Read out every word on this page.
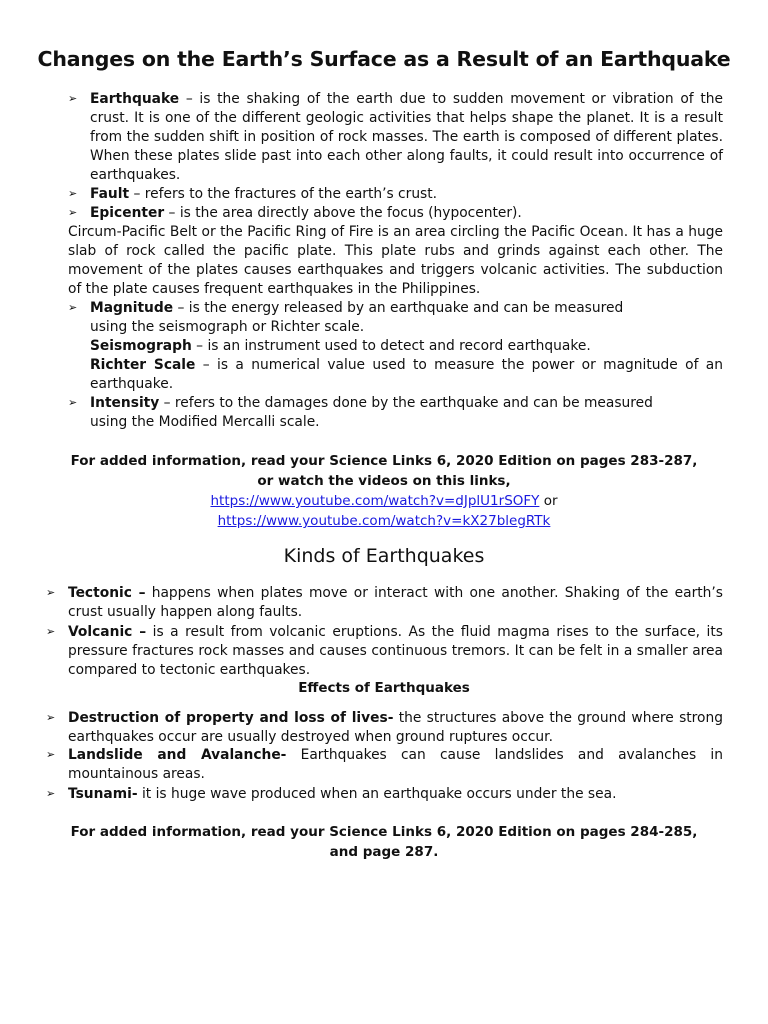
Changes on the Earth’s Surface as a Result of an Earthquake
➢ Earthquake – is the shaking of the earth due to sudden movement or vibration of the crust. It is one of the different geologic activities that helps shape the planet. It is a result from the sudden shift in position of rock masses. The earth is composed of different plates. When these plates slide past into each other along faults, it could result into occurrence of earthquakes.
➢ Fault – refers to the fractures of the earth’s crust.
➢ Epicenter – is the area directly above the focus (hypocenter).
Circum-Pacific Belt or the Pacific Ring of Fire is an area circling the Pacific Ocean. It has a huge slab of rock called the pacific plate. This plate rubs and grinds against each other. The movement of the plates causes earthquakes and triggers volcanic activities. The subduction of the plate causes frequent earthquakes in the Philippines.
➢ Magnitude – is the energy released by an earthquake and can be measured
using the seismograph or Richter scale.
Seismograph – is an instrument used to detect and record earthquake.
Richter Scale – is a numerical value used to measure the power or magnitude of an earthquake.
➢ Intensity – refers to the damages done by the earthquake and can be measured
using the Modified Mercalli scale.
For added information, read your Science Links 6, 2020 Edition on pages 283-287,
or watch the videos on this links,
https://www.youtube.com/watch?v=dJplU1rSOFY or
https://www.youtube.com/watch?v=kX27blegRTk
Kinds of Earthquakes
➢ Tectonic – happens when plates move or interact with one another. Shaking of the earth’s crust usually happen along faults.
➢ Volcanic – is a result from volcanic eruptions. As the fluid magma rises to the surface, its pressure fractures rock masses and causes continuous tremors. It can be felt in a smaller area compared to tectonic earthquakes.
Effects of Earthquakes
➢ Destruction of property and loss of lives- the structures above the ground where strong earthquakes occur are usually destroyed when ground ruptures occur.
➢ Landslide and Avalanche- Earthquakes can cause landslides and avalanches in mountainous areas.
➢ Tsunami- it is huge wave produced when an earthquake occurs under the sea.
For added information, read your Science Links 6, 2020 Edition on pages 284-285,
and page 287.
